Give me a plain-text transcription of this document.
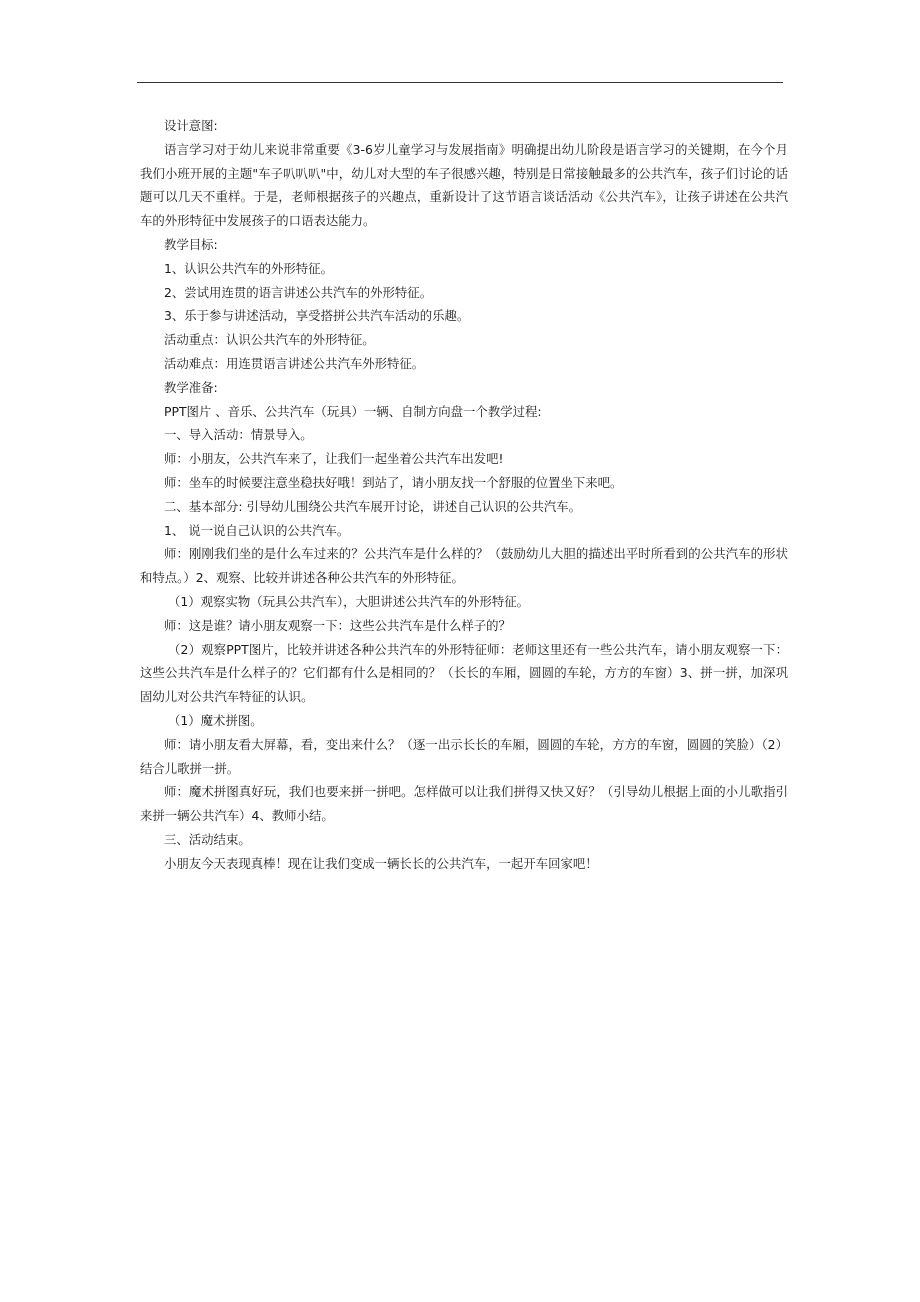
设计意图:

语言学习对于幼儿来说非常重要《3-6岁儿童学习与发展指南》明确提出幼儿阶段是语言学习的关键期，在今个月我们小班开展的主题"车子叭叭叭"中，幼儿对大型的车子很感兴趣，特别是日常接触最多的公共汽车，孩子们讨论的话题可以几天不重样。于是，老师根据孩子的兴趣点，重新设计了这节语言谈话活动《公共汽车》，让孩子讲述在公共汽车的外形特征中发展孩子的口语表达能力。

教学目标:

1、认识公共汽车的外形特征。

2、尝试用连贯的语言讲述公共汽车的外形特征。

3、乐于参与讲述活动，享受搭拼公共汽车活动的乐趣。

活动重点：认识公共汽车的外形特征。

活动难点：用连贯语言讲述公共汽车外形特征。

教学准备:

PPT图片 、音乐、公共汽车（玩具）一辆、自制方向盘一个教学过程:

一、导入活动：情景导入。

师：小朋友，公共汽车来了，让我们一起坐着公共汽车出发吧!

师：坐车的时候要注意坐稳扶好哦！到站了，请小朋友找一个舒服的位置坐下来吧。

二、基本部分: 引导幼儿围绕公共汽车展开讨论，讲述自己认识的公共汽车。

1、 说一说自己认识的公共汽车。

师：刚刚我们坐的是什么车过来的？公共汽车是什么样的？（鼓励幼儿大胆的描述出平时所看到的公共汽车的形状和特点。）2、观察、比较并讲述各种公共汽车的外形特征。

（1）观察实物（玩具公共汽车），大胆讲述公共汽车的外形特征。

师：这是谁？请小朋友观察一下：这些公共汽车是什么样子的？

（2）观察PPT图片，比较并讲述各种公共汽车的外形特征师：老师这里还有一些公共汽车，请小朋友观察一下：这些公共汽车是什么样子的？它们都有什么是相同的？（长长的车厢，圆圆的车轮，方方的车窗）3、拼一拼，加深巩固幼儿对公共汽车特征的认识。

（1）魔术拼图。

师：请小朋友看大屏幕，看，变出来什么？（逐一出示长长的车厢，圆圆的车轮，方方的车窗，圆圆的笑脸）（2）结合儿歌拼一拼。

师：魔术拼图真好玩，我们也要来拼一拼吧。怎样做可以让我们拼得又快又好？（引导幼儿根据上面的小儿歌指引来拼一辆公共汽车）4、教师小结。

三、活动结束。

小朋友今天表现真棒！现在让我们变成一辆长长的公共汽车，一起开车回家吧！
